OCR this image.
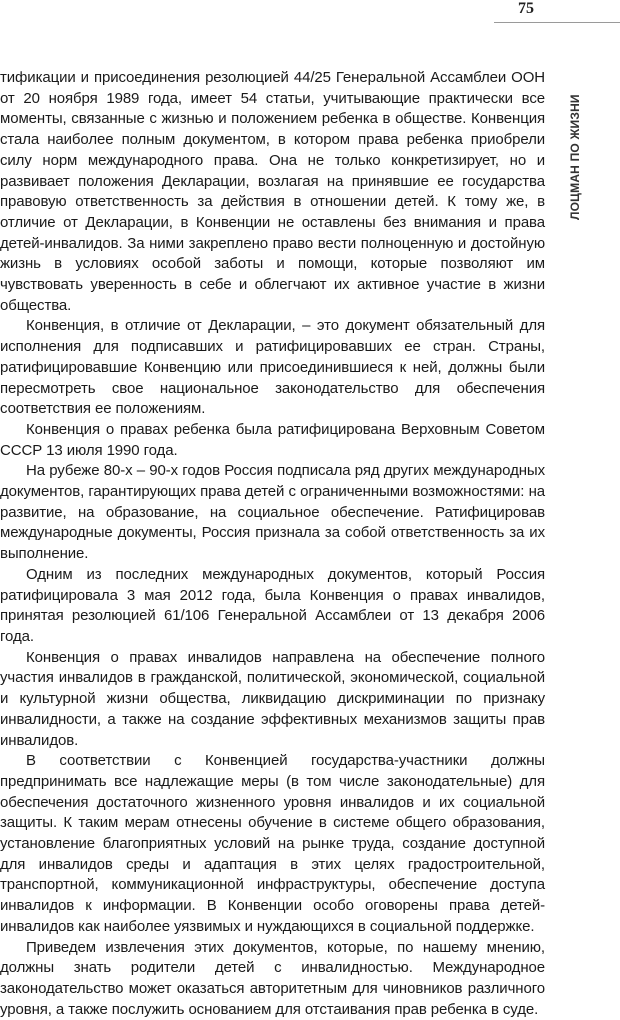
75
ЛОЦМАН ПО ЖИЗНИ

тификации и присоединения резолюцией 44/25 Генеральной Ассамблеи ООН от 20 ноября 1989 года, имеет 54 статьи, учитывающие практически все моменты, связанные с жизнью и положением ребенка в обществе. Конвенция стала наиболее полным документом, в котором права ребенка приобрели силу норм международного права. Она не только конкретизирует, но и развивает положения Декларации, возлагая на принявшие ее государства правовую ответственность за действия в отношении детей. К тому же, в отличие от Декларации, в Конвенции не оставлены без внимания и права детей-инвалидов. За ними закреплено право вести полноценную и достойную жизнь в условиях особой заботы и помощи, которые позволяют им чувствовать уверенность в себе и облегчают их активное участие в жизни общества.

Конвенция, в отличие от Декларации, – это документ обязательный для исполнения для подписавших и ратифицировавших ее стран. Страны, ратифицировавшие Конвенцию или присоединившиеся к ней, должны были пересмотреть свое национальное законодательство для обеспечения соответствия ее положениям.

Конвенция о правах ребенка была ратифицирована Верховным Советом СССР 13 июля 1990 года.

На рубеже 80-х – 90-х годов Россия подписала ряд других международных документов, гарантирующих права детей с ограниченными возможностями: на развитие, на образование, на социальное обеспечение. Ратифицировав международные документы, Россия признала за собой ответственность за их выполнение.

Одним из последних международных документов, который Россия ратифицировала 3 мая 2012 года, была Конвенция о правах инвалидов, принятая резолюцией 61/106 Генеральной Ассамблеи от 13 декабря 2006 года.

Конвенция о правах инвалидов направлена на обеспечение полного участия инвалидов в гражданской, политической, экономической, социальной и культурной жизни общества, ликвидацию дискриминации по признаку инвалидности, а также на создание эффективных механизмов защиты прав инвалидов.

В соответствии с Конвенцией государства-участники должны предпринимать все надлежащие меры (в том числе законодательные) для обеспечения достаточного жизненного уровня инвалидов и их социальной защиты. К таким мерам отнесены обучение в системе общего образования, установление благоприятных условий на рынке труда, создание доступной для инвалидов среды и адаптация в этих целях градостроительной, транспортной, коммуникационной инфраструктуры, обеспечение доступа инвалидов к информации. В Конвенции особо оговорены права детей-инвалидов как наиболее уязвимых и нуждающихся в социальной поддержке.

Приведем извлечения этих документов, которые, по нашему мнению, должны знать родители детей с инвалидностью. Международное законодательство может оказаться авторитетным для чиновников различного уровня, а также послужить основанием для отстаивания прав ребенка в суде.
